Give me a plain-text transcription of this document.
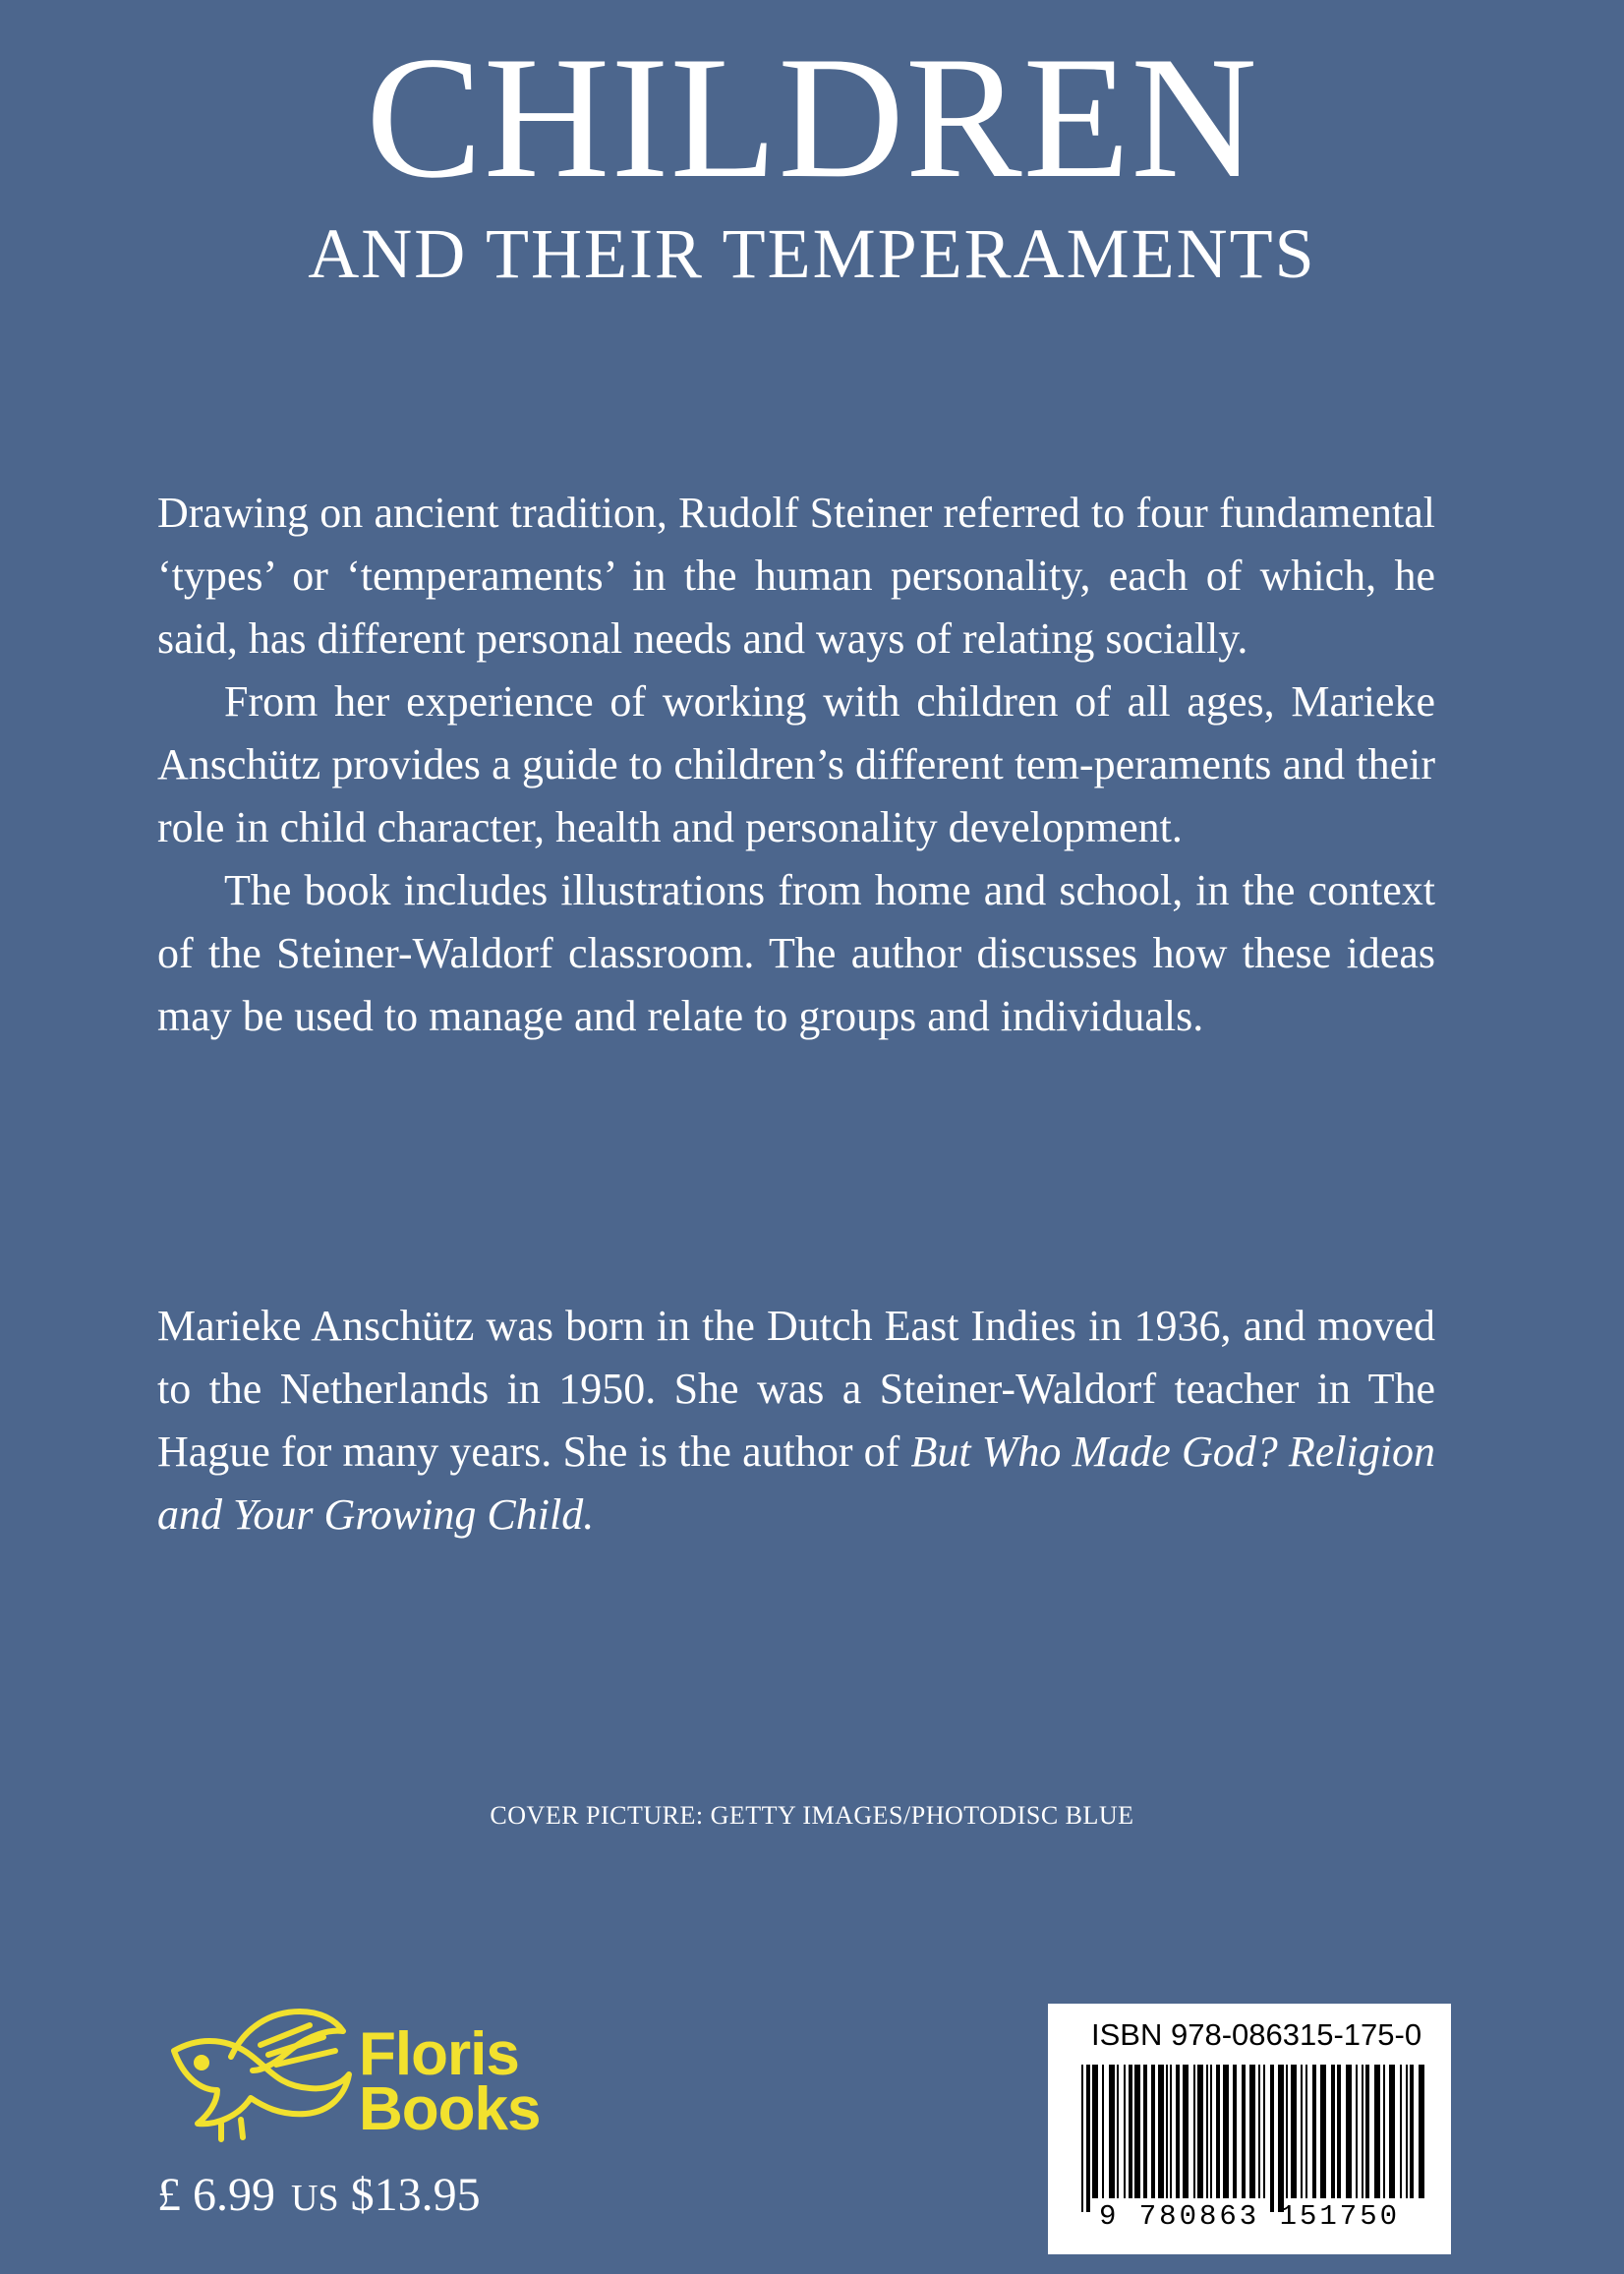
CHILDREN
AND THEIR TEMPERAMENTS

Drawing on ancient tradition, Rudolf Steiner referred to four fundamental ‘types’ or ‘temperaments’ in the human personality, each of which, he said, has different personal needs and ways of relating socially.

From her experience of working with children of all ages, Marieke Anschütz provides a guide to children’s different tem-peraments and their role in child character, health and personality development.

The book includes illustrations from home and school, in the context of the Steiner-Waldorf classroom. The author discusses how these ideas may be used to manage and relate to groups and individuals.

Marieke Anschütz was born in the Dutch East Indies in 1936, and moved to the Netherlands in 1950. She was a Steiner-Waldorf teacher in The Hague for many years. She is the author of But Who Made God? Religion and Your Growing Child.

COVER PICTURE: GETTY IMAGES/PHOTODISC BLUE
Floris
Books
£ 6.99 US $13.95
ISBN 978-086315-175-0
9 780863 151750
